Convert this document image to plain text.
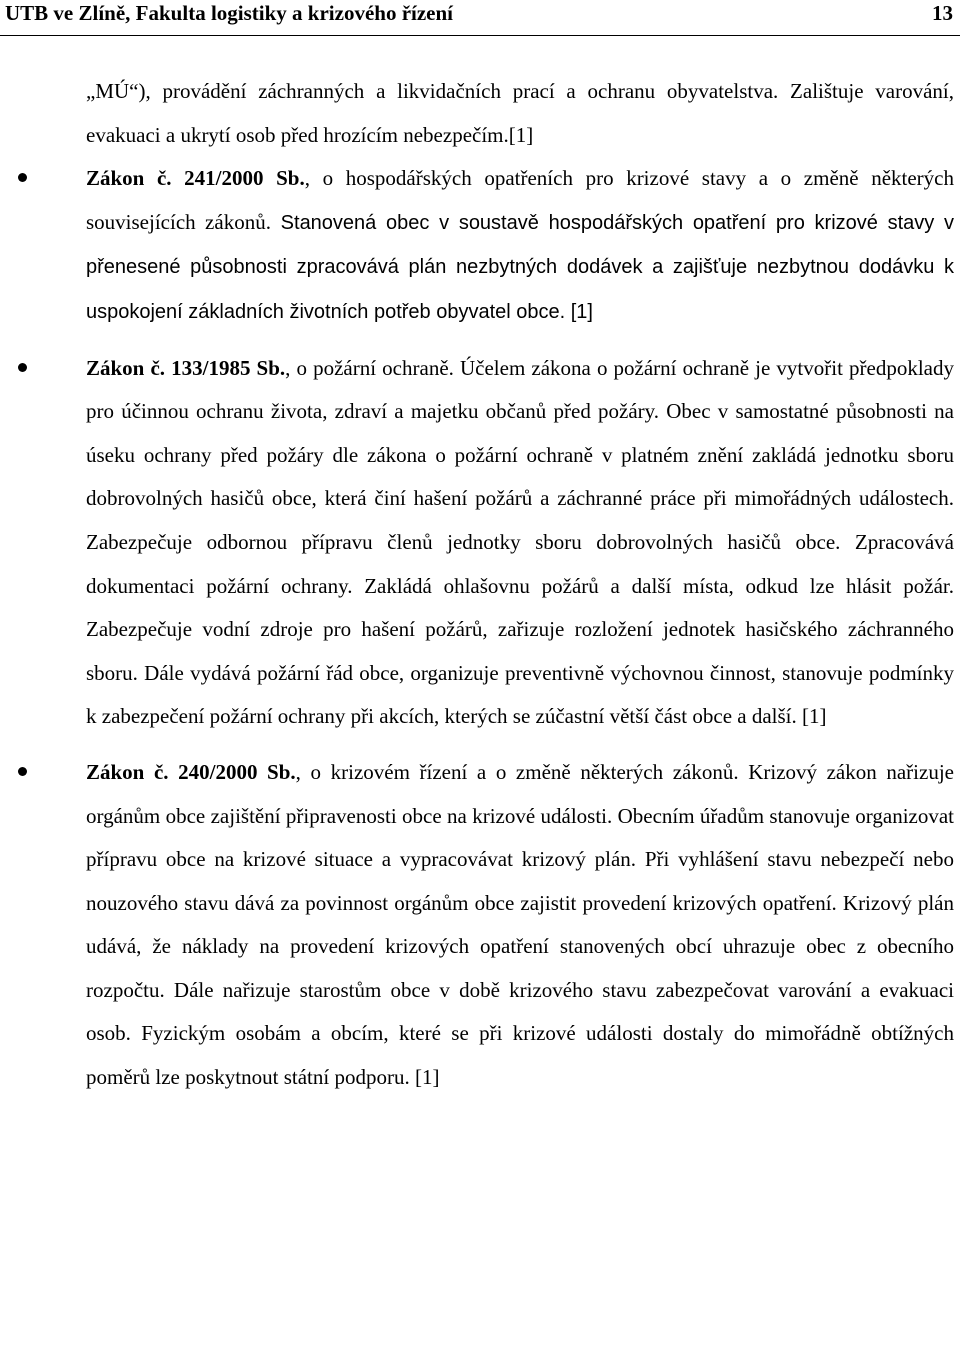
UTB ve Zlíně, Fakulta logistiky a krizového řízení	13

„MÚ“), provádění záchranných a likvidačních prací a ochranu obyvatelstva. Zalištuje varování, evakuaci a ukrytí osob před hrozícím nebezpečím.[1]

Zákon č. 241/2000 Sb., o hospodářských opatřeních pro krizové stavy a o změně některých souvisejících zákonů. Stanovená obec v soustavě hospodářských opatření pro krizové stavy v přenesené působnosti zpracovává plán nezbytných dodávek a zajišťuje nezbytnou dodávku k uspokojení základních životních potřeb obyvatel obce. [1]
Zákon č. 133/1985 Sb., o požární ochraně. Účelem zákona o požární ochraně je vytvořit předpoklady pro účinnou ochranu života, zdraví a majetku občanů před požáry. Obec v samostatné působnosti na úseku ochrany před požáry dle zákona o požární ochraně v platném znění zakládá jednotku sboru dobrovolných hasičů obce, která činí hašení požárů a záchranné práce při mimořádných událostech. Zabezpečuje odbornou přípravu členů jednotky sboru dobrovolných hasičů obce. Zpracovává dokumentaci požární ochrany. Zakládá ohlašovnu požárů a další místa, odkud lze hlásit požár. Zabezpečuje vodní zdroje pro hašení požárů, zařizuje rozložení jednotek hasičského záchranného sboru. Dále vydává požární řád obce, organizuje preventivně výchovnou činnost, stanovuje podmínky k zabezpečení požární ochrany při akcích, kterých se zúčastní větší část obce a další. [1]
Zákon č. 240/2000 Sb., o krizovém řízení a o změně některých zákonů. Krizový zákon nařizuje orgánům obce zajištění připravenosti obce na krizové události. Obecním úřadům stanovuje organizovat přípravu obce na krizové situace a vypracovávat krizový plán. Při vyhlášení stavu nebezpečí nebo nouzového stavu dává za povinnost orgánům obce zajistit provedení krizových opatření. Krizový plán udává, že náklady na provedení krizových opatření stanovených obcí uhrazuje obec z obecního rozpočtu. Dále nařizuje starostům obce v době krizového stavu zabezpečovat varování a evakuaci osob. Fyzickým osobám a obcím, které se při krizové události dostaly do mimořádně obtížných poměrů lze poskytnout státní podporu. [1]
